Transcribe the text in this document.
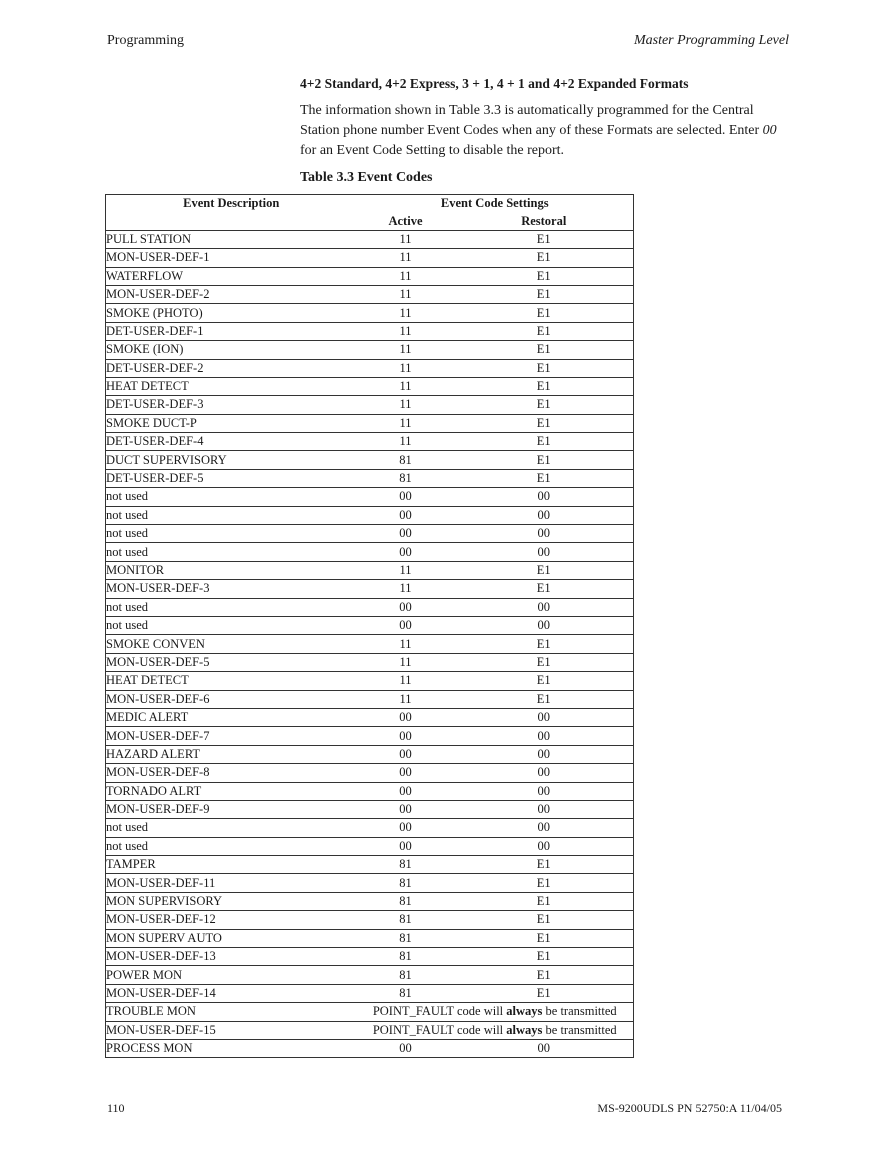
Programming	Master Programming Level
4+2 Standard, 4+2 Express, 3 + 1, 4 + 1 and 4+2 Expanded Formats
The information shown in Table 3.3 is automatically programmed for the Central Station phone number Event Codes when any of these Formats are selected. Enter 00 for an Event Code Setting to disable the report.
Table 3.3 Event Codes
Event Description	Event Code Settings	
	Active	Restoral
PULL STATION	11	E1
MON-USER-DEF-1	11	E1
WATERFLOW	11	E1
MON-USER-DEF-2	11	E1
SMOKE (PHOTO)	11	E1
DET-USER-DEF-1	11	E1
SMOKE (ION)	11	E1
DET-USER-DEF-2	11	E1
HEAT DETECT	11	E1
DET-USER-DEF-3	11	E1
SMOKE DUCT-P	11	E1
DET-USER-DEF-4	11	E1
DUCT SUPERVISORY	81	E1
DET-USER-DEF-5	81	E1
not used	00	00
not used	00	00
not used	00	00
not used	00	00
MONITOR	11	E1
MON-USER-DEF-3	11	E1
not used	00	00
not used	00	00
SMOKE CONVEN	11	E1
MON-USER-DEF-5	11	E1
HEAT DETECT	11	E1
MON-USER-DEF-6	11	E1
MEDIC ALERT	00	00
MON-USER-DEF-7	00	00
HAZARD ALERT	00	00
MON-USER-DEF-8	00	00
TORNADO ALRT	00	00
MON-USER-DEF-9	00	00
not used	00	00
not used	00	00
TAMPER	81	E1
MON-USER-DEF-11	81	E1
MON SUPERVISORY	81	E1
MON-USER-DEF-12	81	E1
MON SUPERV AUTO	81	E1
MON-USER-DEF-13	81	E1
POWER MON	81	E1
MON-USER-DEF-14	81	E1
TROUBLE MON	POINT_FAULT code will always be transmitted	
MON-USER-DEF-15	POINT_FAULT code will always be transmitted	
PROCESS MON	00	00
110	MS-9200UDLS PN 52750:A 11/04/05
